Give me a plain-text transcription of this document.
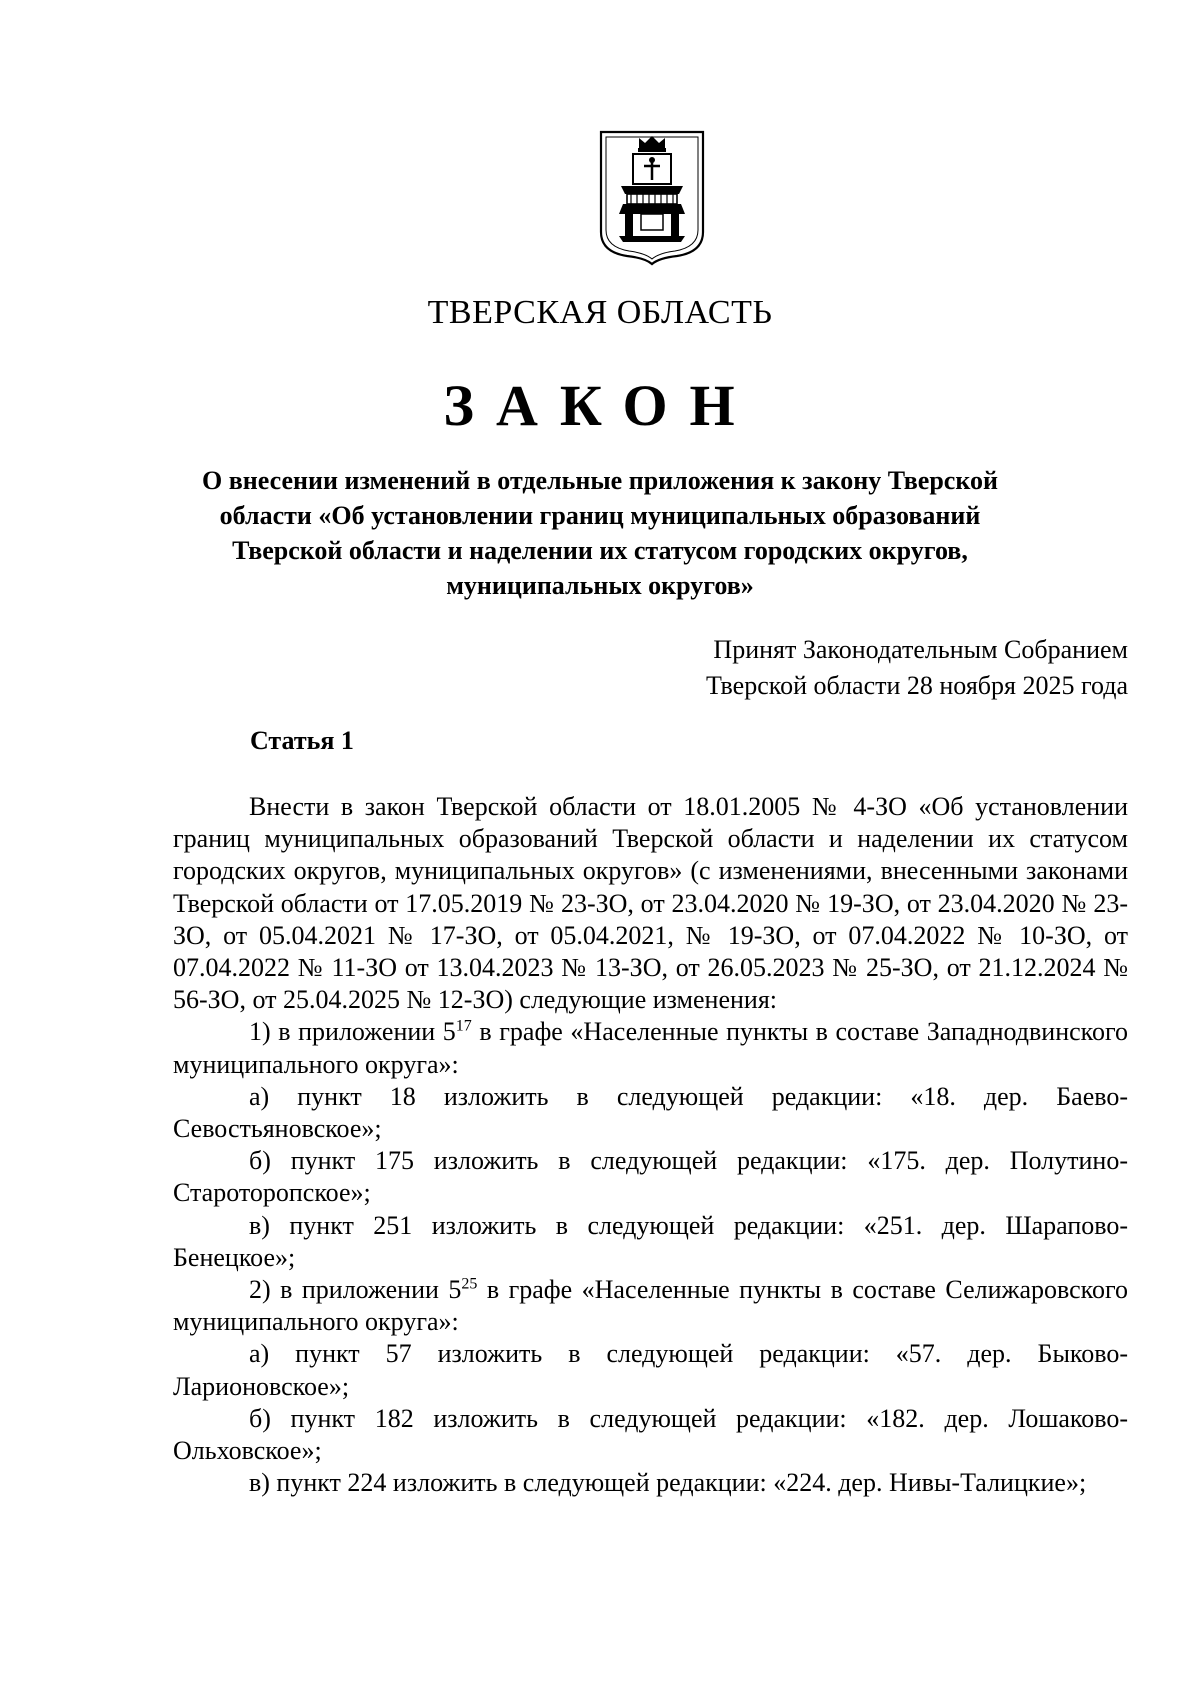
ТВЕРСКАЯ ОБЛАСТЬ
ЗАКОН
О внесении изменений в отдельные приложения к закону Тверской
области «Об установлении границ муниципальных образований
Тверской области и наделении их статусом городских округов,
муниципальных округов»
Принят Законодательным Собранием
Тверской области 28 ноября 2025 года
Статья 1

Внести в закон Тверской области от 18.01.2005 № 4-ЗО «Об установлении границ муниципальных образований Тверской области и наделении их статусом городских округов, муниципальных округов» (с изменениями, внесенными законами Тверской области от 17.05.2019 № 23-ЗО, от 23.04.2020 № 19-ЗО, от 23.04.2020 № 23-ЗО, от 05.04.2021 № 17-ЗО, от 05.04.2021, № 19-ЗО, от 07.04.2022 № 10-ЗО, от 07.04.2022 № 11-ЗО от 13.04.2023 № 13-ЗО, от 26.05.2023 № 25-ЗО, от 21.12.2024 № 56-ЗО, от 25.04.2025 № 12-ЗО) следующие изменения:

1) в приложении $5^{17}$ в графе «Населенные пункты в составе Западнодвинского муниципального округа»:

а) пункт 18 изложить в следующей редакции: «18. дер. Баево-Севостьяновское»;

б) пункт 175 изложить в следующей редакции: «175. дер. Полутино-Староторопское»;

в) пункт 251 изложить в следующей редакции: «251. дер. Шарапово-Бенецкое»;

2) в приложении $5^{25}$ в графе «Населенные пункты в составе Селижаровского муниципального округа»:

а) пункт 57 изложить в следующей редакции: «57. дер. Быково-Ларионовское»;

б) пункт 182 изложить в следующей редакции: «182. дер. Лошаково-Ольховское»;

в) пункт 224 изложить в следующей редакции: «224. дер. Нивы-Талицкие»;
